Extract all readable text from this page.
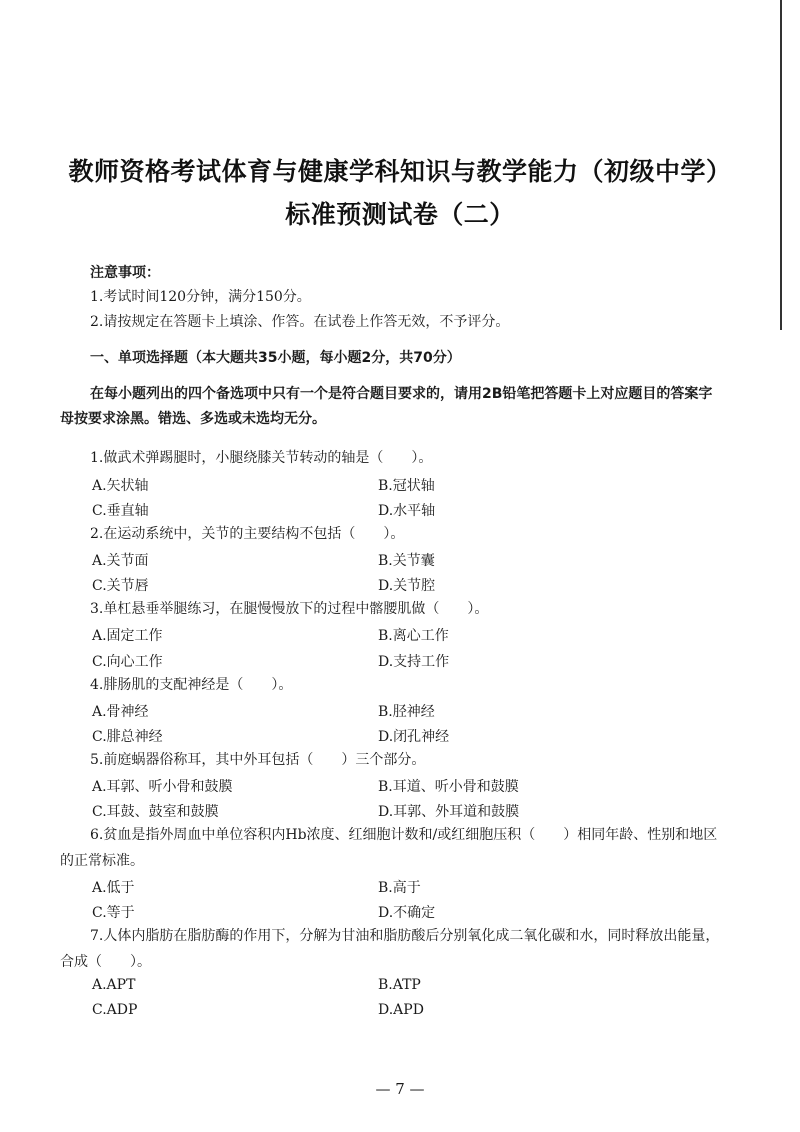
教师资格考试体育与健康学科知识与教学能力（初级中学）
标准预测试卷（二）
注意事项：
1.考试时间120分钟，满分150分。
2.请按规定在答题卡上填涂、作答。在试卷上作答无效，不予评分。
一、单项选择题（本大题共35小题，每小题2分，共70分）

在每小题列出的四个备选项中只有一个是符合题目要求的，请用2B铅笔把答题卡上对应题目的答案字母按要求涂黑。错选、多选或未选均无分。

1.做武术弹踢腿时，小腿绕膝关节转动的轴是（　　）。

A.矢状轴	B.冠状轴
C.垂直轴	D.水平轴

2.在运动系统中，关节的主要结构不包括（　　）。

A.关节面	B.关节囊
C.关节唇	D.关节腔

3.单杠悬垂举腿练习，在腿慢慢放下的过程中髂腰肌做（　　）。

A.固定工作	B.离心工作
C.向心工作	D.支持工作

4.腓肠肌的支配神经是（　　）。

A.骨神经	B.胫神经
C.腓总神经	D.闭孔神经

5.前庭蜗器俗称耳，其中外耳包括（　　）三个部分。

A.耳郭、听小骨和鼓膜	B.耳道、听小骨和鼓膜
C.耳鼓、鼓室和鼓膜	D.耳郭、外耳道和鼓膜

6.贫血是指外周血中单位容积内Hb浓度、红细胞计数和/或红细胞压积（　　）相同年龄、性别和地区的正常标准。

A.低于	B.高于
C.等于	D.不确定

7.人体内脂肪在脂肪酶的作用下，分解为甘油和脂肪酸后分别氧化成二氧化碳和水，同时释放出能量，合成（　　）。

A.APT	B.ATP
C.ADP	D.APD
— 7 —
